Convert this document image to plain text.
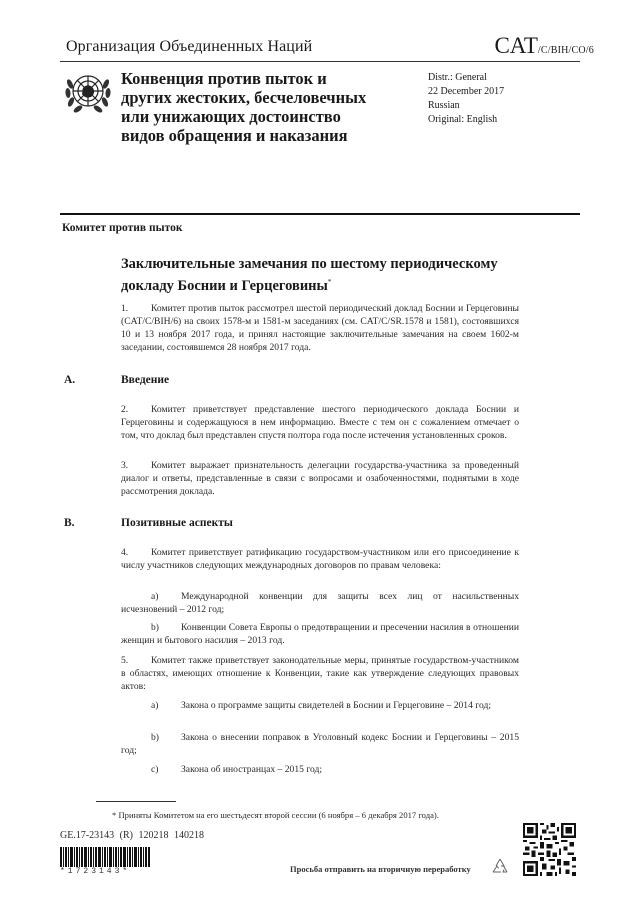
Организация Объединенных Наций	CAT/C/BIH/CO/6
Конвенция против пыток и
других жестоких, бесчеловечных
или унижающих достоинство
видов обращения и наказания
Distr.: General
22 December 2017
Russian
Original: English
Комитет против пыток
Заключительные замечания по шестому периодическому
докладу Боснии и Герцеговины*
1. Комитет против пыток рассмотрел шестой периодический доклад Боснии и Герцеговины (CAT/C/BIH/6) на своих 1578-м и 1581-м заседаниях (см. CAT/C/SR.1578 и 1581), состоявшихся 10 и 13 ноября 2017 года, и принял настоящие заключительные замечания на своем 1602-м заседании, состоявшемся 28 ноября 2017 года.
A.	Введение
2. Комитет приветствует представление шестого периодического доклада Боснии и Герцеговины и содержащуюся в нем информацию. Вместе с тем он с сожалением отмечает о том, что доклад был представлен спустя полтора года после истечения установленных сроков.
3. Комитет выражает признательность делегации государства-участника за проведенный диалог и ответы, представленные в связи с вопросами и озабоченностями, поднятыми в ходе рассмотрения доклада.
B.	Позитивные аспекты
4. Комитет приветствует ратификацию государством-участником или его присоединение к числу участников следующих международных договоров по правам человека:
a) Международной конвенции для защиты всех лиц от насильственных исчезновений – 2012 год;
b) Конвенции Совета Европы о предотвращении и пресечении насилия в отношении женщин и бытового насилия – 2013 год.
5. Комитет также приветствует законодательные меры, принятые государством-участником в областях, имеющих отношение к Конвенции, такие как утверждение следующих правовых актов:
a) Закона о программе защиты свидетелей в Боснии и Герцеговине – 2014 год;
b) Закона о внесении поправок в Уголовный кодекс Боснии и Герцеговины – 2015 год;
c) Закона об иностранцах – 2015 год;
* Приняты Комитетом на его шестьдесят второй сессии (6 ноября – 6 декабря 2017 года).
GE.17-23143 (R) 120218 140218
*1723143*	Просьба отправить на вторичную переработку
